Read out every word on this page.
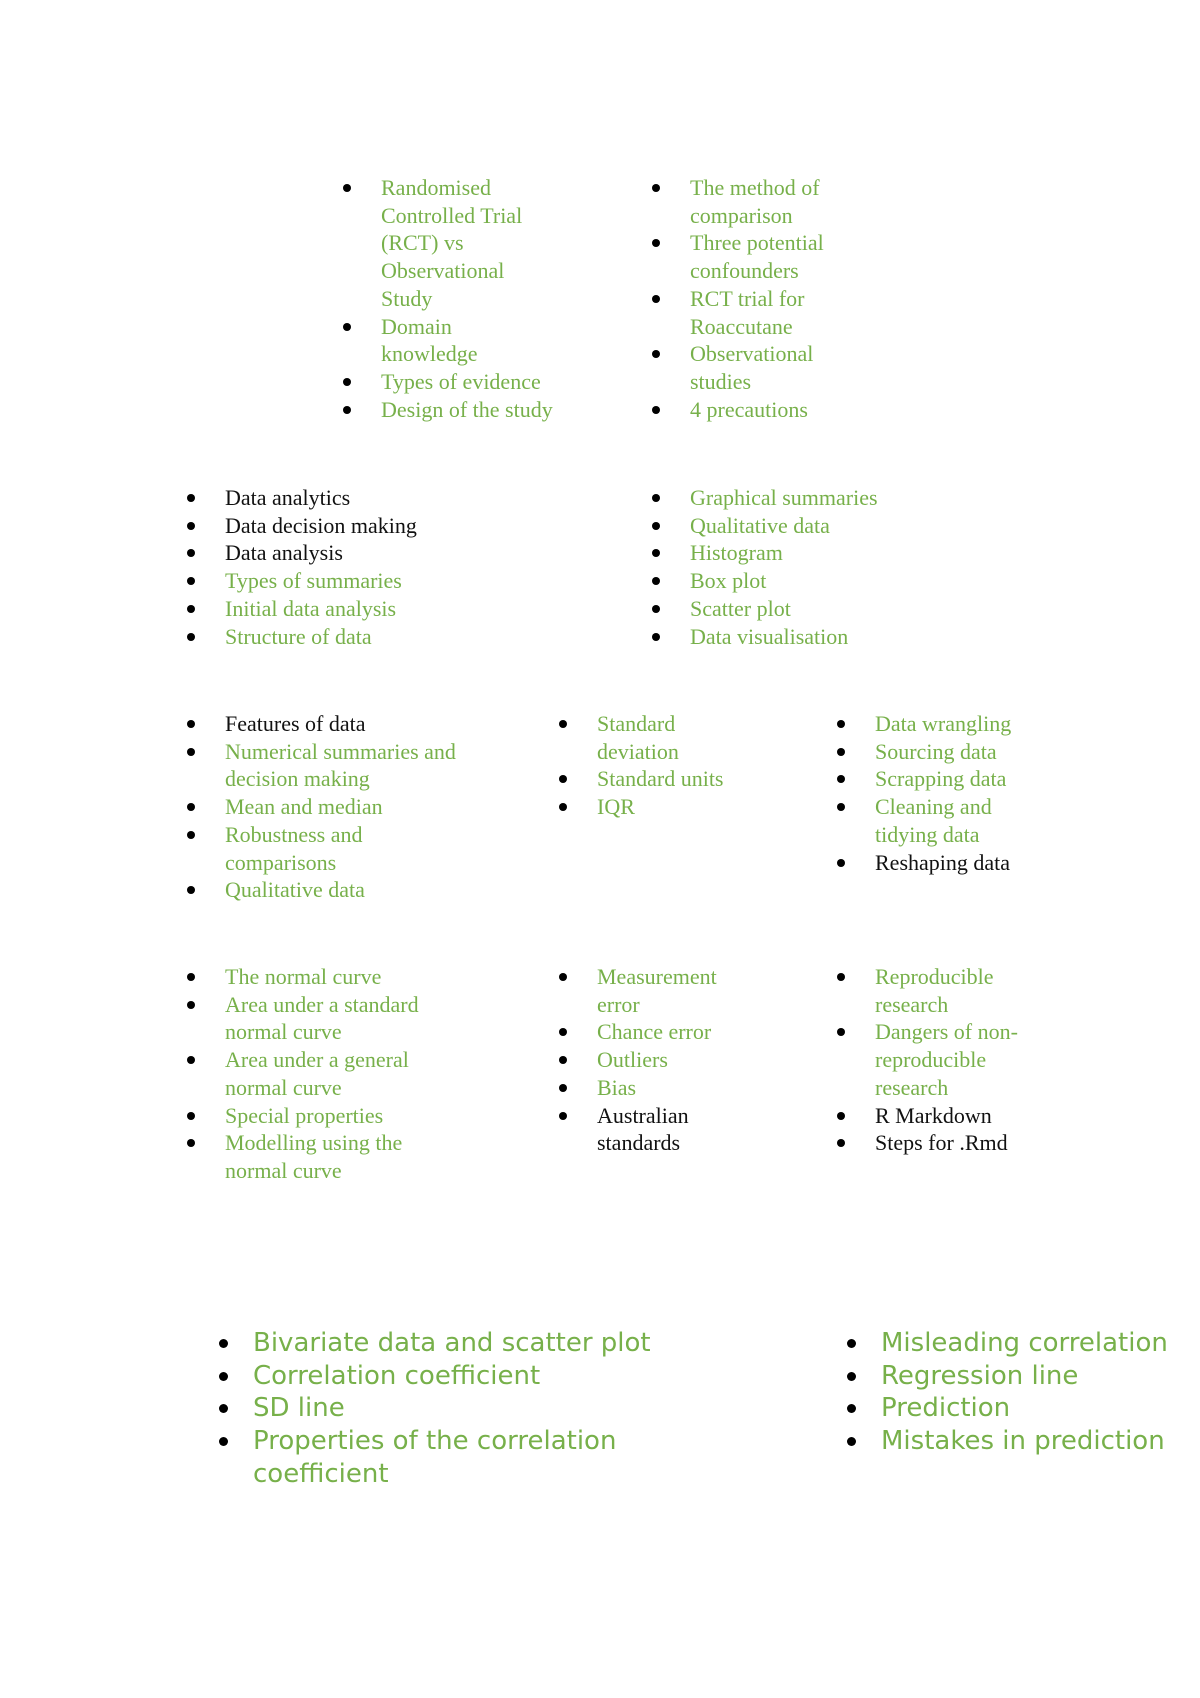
Randomised Controlled Trial (RCT) vs Observational Study
Domain knowledge
Types of evidence
Design of the study
The method of comparison
Three potential confounders
RCT trial for Roaccutane
Observational studies
4 precautions
Data analytics
Data decision making
Data analysis
Types of summaries
Initial data analysis
Structure of data
Graphical summaries
Qualitative data
Histogram
Box plot
Scatter plot
Data visualisation
Features of data
Numerical summaries and decision making
Mean and median
Robustness and comparisons
Qualitative data
Standard deviation
Standard units
IQR
Data wrangling
Sourcing data
Scrapping data
Cleaning and tidying data
Reshaping data
The normal curve
Area under a standard normal curve
Area under a general normal curve
Special properties
Modelling using the normal curve
Measurement error
Chance error
Outliers
Bias
Australian standards
Reproducible research
Dangers of non-reproducible research
R Markdown
Steps for .Rmd
Bivariate data and scatter plot
Correlation coefficient
SD line
Properties of the correlation coefficient
Misleading correlation
Regression line
Prediction
Mistakes in prediction
